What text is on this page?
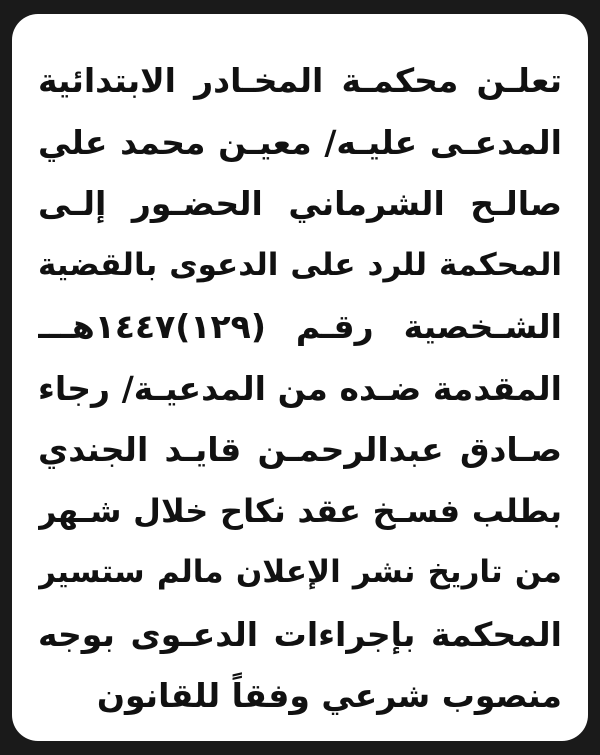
تعلـن محكمـة المخـادر الابتدائية
المدعـى عليـه/ معيـن محمد علي
صالـح الشرماني الحضـور إلـى
المحكمة للرد على الدعوى بالقضية
الشـخصية رقـم (١٢٩)١٤٤٧هـــ
المقدمة ضـده من المدعيـة/ رجاء
صـادق عبدالرحمـن قايـد الجندي
بطلب فسـخ عقد نكاح خلال شـهر
من تاريخ نشر الإعلان مالم ستسير
المحكمة بإجراءات الدعـوى بوجه
منصوب شرعي وفقاً للقانون
